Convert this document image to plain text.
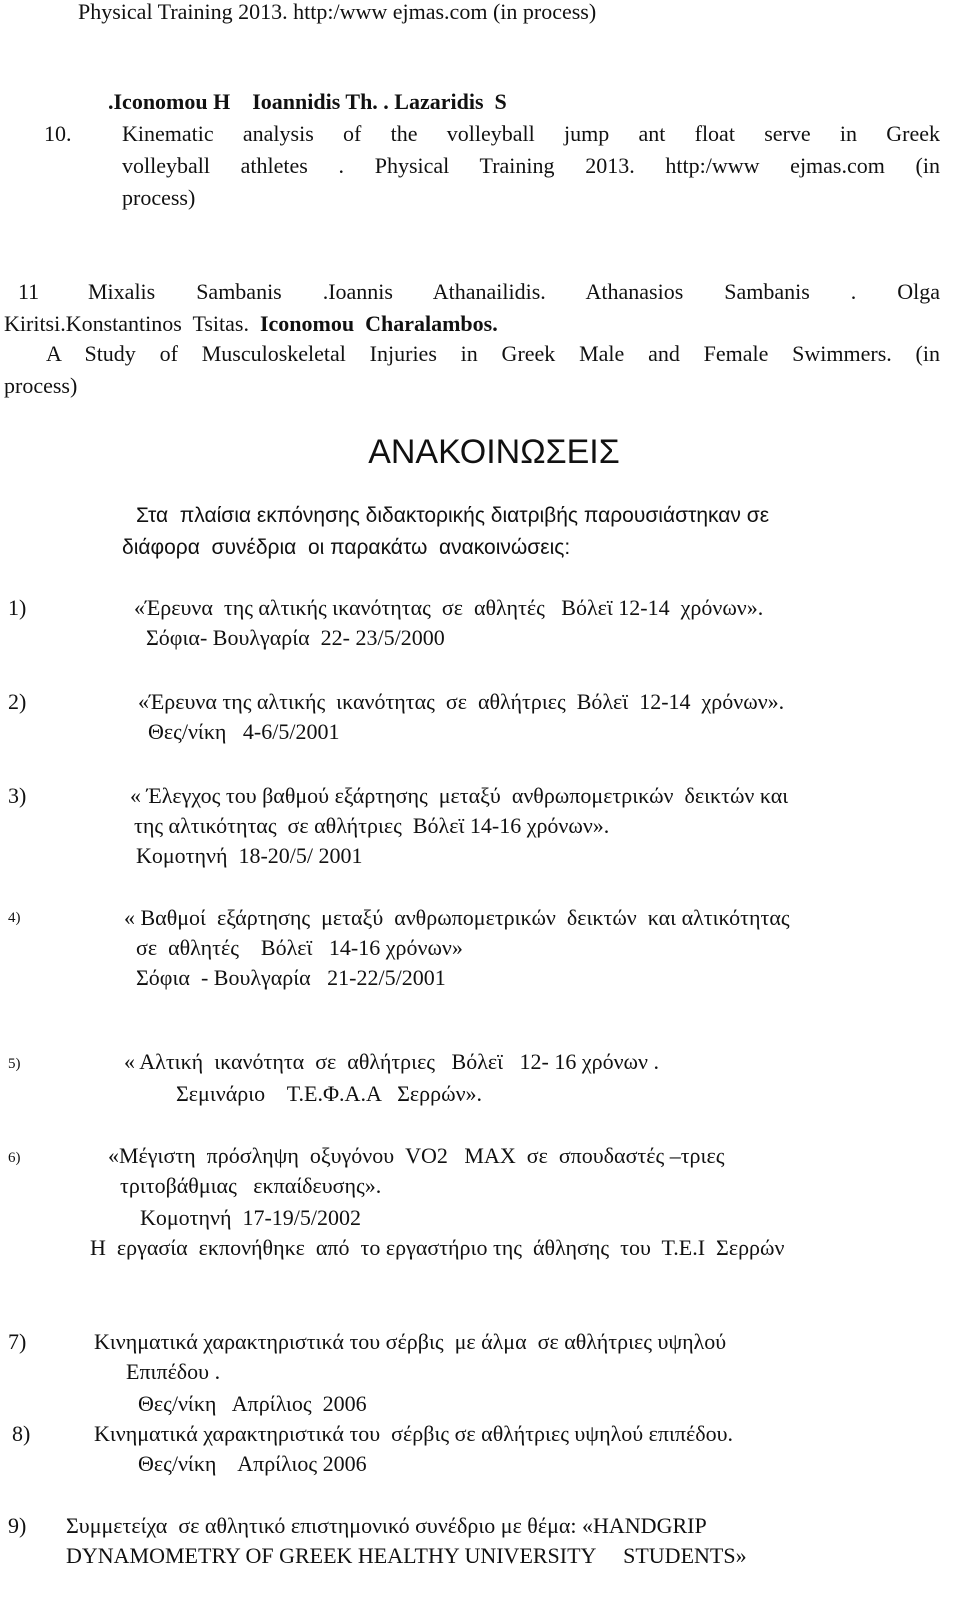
Physical Training 2013. http:/www ejmas.com (in process)
.Iconomou H    Ioannidis Th. . Lazaridis  S
10. Kinematic analysis of the volleyball jump ant float serve in Greek
volleyball athletes . Physical Training 2013. http:/www ejmas.com (in
process)
11 Mixalis Sambanis .Ioannis Athanailidis. Athanasios Sambanis . Olga
Kiritsi.Konstantinos  Tsitas.  Iconomou  Charalambos.
A Study of Musculoskeletal Injuries in Greek Male and Female Swimmers. (in
process)
ΑΝΑΚΟΙΝΩΣΕΙΣ
Στα  πλαίσια εκπόνησης διδακτορικής διατριβής παρουσιάστηκαν σε
διάφορα  συνέδρια  οι παρακάτω  ανακοινώσεις:
1)	«Έρευνα  της αλτικής ικανότητας  σε  αθλητές   Βόλεϊ 12-14  χρόνων».
Σόφια- Βουλγαρία  22- 23/5/2000
2)	«Έρευνα της αλτικής  ικανότητας  σε  αθλήτριες  Βόλεϊ  12-14  χρόνων».
Θες/νίκη   4-6/5/2001
3)	« Έλεγχος του βαθμού εξάρτησης  μεταξύ  ανθρωπομετρικών  δεικτών και
της αλτικότητας  σε αθλήτριες  Βόλεϊ 14-16 χρόνων».
Κομοτηνή  18-20/5/ 2001
4)	« Βαθμοί  εξάρτησης  μεταξύ  ανθρωπομετρικών  δεικτών  και αλτικότητας
σε  αθλητές    Βόλεϊ   14-16 χρόνων»
Σόφια  - Βουλγαρία   21-22/5/2001
5)	« Αλτική  ικανότητα  σε  αθλήτριες   Βόλεϊ   12- 16 χρόνων .
Σεμινάριο    Τ.Ε.Φ.Α.Α   Σερρών».
6)	«Μέγιστη  πρόσληψη  οξυγόνου  VO2   MAX  σε  σπουδαστές –τριες
τριτοβάθμιας   εκπαίδευσης».
Κομοτηνή  17-19/5/2002
Η  εργασία  εκπονήθηκε  από  το εργαστήριο της  άθλησης  του  Τ.Ε.Ι  Σερρών
7)	Κινηματικά χαρακτηριστικά του σέρβις  με άλμα  σε αθλήτριες υψηλού
Επιπέδου .
Θες/νίκη   Απρίλιος  2006
8)	Κινηματικά χαρακτηριστικά του  σέρβις σε αθλήτριες υψηλού επιπέδου.
Θες/νίκη    Απρίλιος 2006
9) Συμμετείχα  σε αθλητικό επιστημονικό συνέδριο με θέμα: «HANDGRIP
DYNAMOMETRY OF GREEK HEALTHY UNIVERSITY     STUDENTS»
